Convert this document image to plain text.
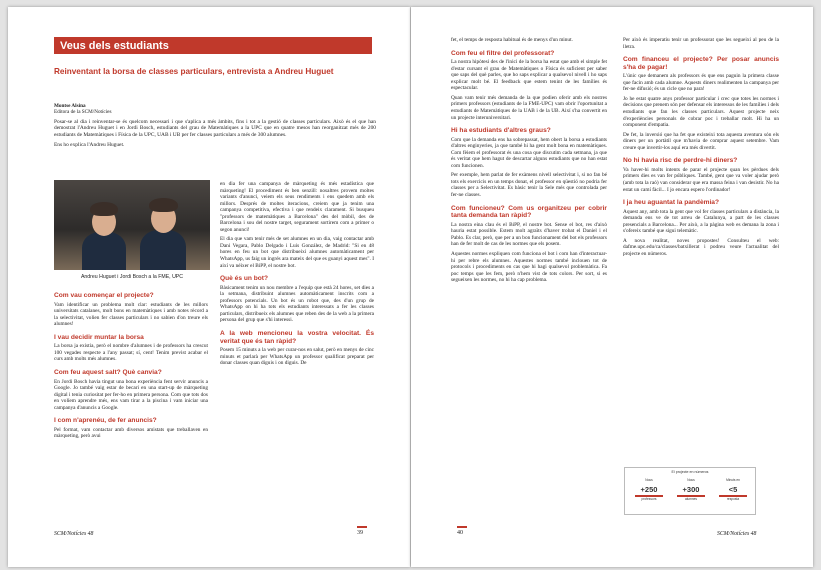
Veus dels estudiants
Reinventant la borsa de classes particulars, entrevista a Andreu Huguet
Montse Alsina
Editora de la SCM/Notícies

Posar-se al dia i reinventar-se és quelcom necessari i que s'aplica a més àmbits, fins i tot a la gestió de classes particulars. Això és el que han demostrat l'Andreu Huguet i en Jordi Bosch, estudiants del grau de Matemàtiques a la UPC que en quatre mesos han reorganitzat més de 200 estudiants de Matemàtiques i Física de la UPC, UAB i UB per fer classes particulars a més de 300 alumnes.

Ens ho explica l'Andreu Huguet.

Andreu Huguet i Jordi Bosch a la FME, UPC
Com vau començar el projecte?

Vam identificar un problema molt clar: estudiants de les millors universitats catalanes, molt bons en matemàtiques i amb notes rècord a la selectivitat, volien fer classes particulars i no sabien d'on treure els alumnes!

I vau decidir muntar la borsa

La borsa ja existia, però el nombre d'alumnes i de professors ha crescut 100 vegades respecte a l'any passat; sí, cent! Tenim previst acabar el curs amb molts més alumnes.

Com feu aquest salt? Què canvia?

En Jordi Bosch havia tingut una bona experiència fent servir anuncis a Google. Jo també vaig estar de becari en una start-up de màrqueting digital i tenia curiositat per fer-ho en primera persona. Com que tots dos en volíem aprendre més, ens vam tirar a la piscina i vam iniciar una campanya d'anuncis a Google.

I com n'aprenéu, de fer anuncis?

Pel format, vam contactar amb diversos amistats que treballaven en màrqueting, però avui

en dia fer una campanya de màrqueting és més estadística que màrqueting! El procediment és ben senzill: nosaltres provem moltes variants d'anunci, veiem els seus rendiments i ens quedem amb els millors. Després de moltes iteracions, creiem que ja tenim una campanya competitiva, efectiva i que rendeix clarament. Si busqueu "professors de matemàtiques a Barcelona" des del mòbil, des de Barcelona i sou del nostre target, segurament sortirem com a primer o segon anunci!

El dia que vam tenir més de set alumnes en un dia, vaig contactar amb Dani Vegara, Pablo Delgado i Luis González, de Madrid: "Si en 48 hores en feu un bot que distribueixi alumnes automàticament per WhatsApp, us faig un ingrés ara mateix del que es guanyi aquest mes". I així va néixer el BiPP, el nostre bot.

Què és un bot?

Bàsicament tenim un nou membre a l'equip que està 24 hores, set dies a la setmana, distribuint alumnes automàticament inscrits com a professors potencials. Un bot és un robot que, des d'un grup de WhatsApp on hi ha tots els estudiants interessats a fer les classes particulars, distribueix els alumnes que reben des de la web a la primera persona del grup que s'hi interessi.

A la web mencioneu la vostra velocitat. És veritat que és tan ràpid?

Posem 15 minuts a la web per curar-nos en salut, però en menys de cinc minuts et parlarà per WhatsApp un professor qualificat preparat per donar classes quan diguis i on diguis. De

SCM/Notícies 48	39

fet, el temps de resposta habitual és de menys d'un minut.

Com feu el filtre del professorat?

La nostra hipòtesi des de l'inici de la borsa ha estat que amb el simple fet d'estar cursant el grau de Matemàtiques o Física és suficient per saber que saps del què parles, que ho saps explicar a qualsevol nivell i ho saps explicar molt bé. El feedback que estem tenint de les famílies és espectacular.

Quan vam tenir més demanda de la que podien oferir amb els nostres primers professors (estudiants de la FME-UPC) vam obrir l'oportunitat a estudiants de Matemàtiques de la UAB i de la UB. Així s'ha convertit en un projecte interuniversitari.

Hi ha estudiants d'altres graus?

Com que la demanda ens ha sobrepassat, hem obert la borsa a estudiants d'altres enginyeries, ja que també hi ha gent molt bona en matemàtiques. Com fèiem el professorat és una cosa que discutim cada setmana, ja que és veritat que hem hagut de descartar alguns estudiants que no han estat com funcionen.

Per exemple, hem parlat de fer exàmens nivell selectivitat i, si no fan bé tots els exercicis en un temps donat, el professor en qüestió no podria fer classes per a Selectivitat. Es bàsic tenir la Sele més que controlada per fer-ne classes.

Com funcioneu? Com us organitzeu per cobrir tanta demanda tan ràpid?

La nostra eina clau és el BiPP, el nostre bot. Sense el bot, res d'això hauria estat possible. Estem molt agraïts d'haver trobat el Daniel i el Pablo. Es clar, però, que per a un bon funcionament del bot els professors han de fer molt de cas de les normes que els posem.

Aquestes normes expliquen com funciona el bot i com han d'interactuar-hi per rebre els alumnes. Aquestes normes també inclouen tot de protocols i procediments en cas que hi hagi qualsevol problemàtica. Fa poc temps que les fem, però n'hem vist de tots colors. Per sort, si es segueixen les normes, no hi ha cap problema.

Per això és imperatiu tenir un professorat que les segueixi al peu de la lletra.

Com financeu el projecte? Per posar anuncis s'ha de pagar!

L'únic que demanem als professors és que ens paguin la primera classe que facin amb cada alumne. Aquests diners realimenten la campanya per fer-ne difusió; és un cicle que no para!

Jo he estat quatre anys professor particular i crec que totes les normes i decisions que prenem són per defensar els interessos de les famílies i dels estudiants que fan les classes particulars. Aquest projecte neix d'experiències personals de cobrar poc i treballar molt. Hi ha un component d'empatia.

De fet, la inversió que ha fet que existeixi tota aquesta aventura són els diners per un portàtil que m'havia de comprar aquest setembre. Vam creure que invertir-los aquí era més divertit.

No hi havia risc de perdre-hi diners?

Va haver-hi molts intents de parar el projecte quan les pèrdues dels primers dies es van fer públiques. També, gent que va voler ajudar però (amb tota la raó) van considerar que era massa feina i van desistir. No ha estat un camí fàcil... I jo encara espero l'ordinador!

I ja heu aguantat la pandèmia?

Aquest any, amb tota la gent que vol fer classes particulars a distància, la demanda ens ve de tot arreu de Catalunya, a part de les classes presencials a Barcelona... Per això, a la pàgina web es demana la zona i s'ofereix també que sigui telemàtic.

A nova realitat, noves propostes! Consulteu el web: dafme.upc.edu/ca/classes/batxillerat i podreu veure l'actualitat del projecte en números.

El projecte en números
Nous
+250
professors
Nous
+300
alumnes
Minuts en
<5
resposta
40	SCM/Notícies 48
